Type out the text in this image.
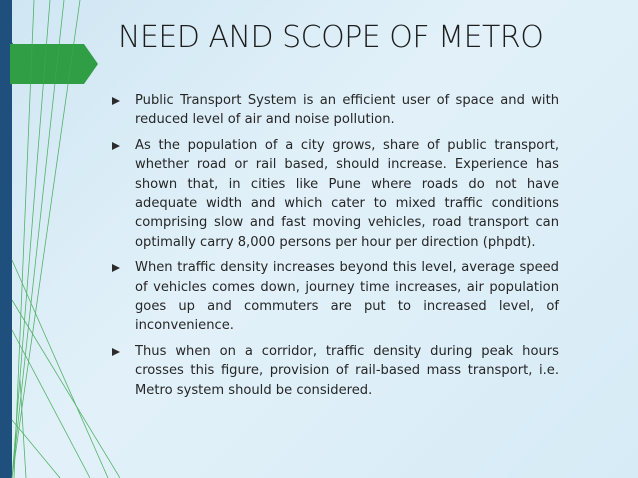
NEED AND SCOPE OF METRO
Public Transport System is an efficient user of space and with reduced level of air and noise pollution.
As the population of a city grows, share of public transport, whether road or rail based, should increase. Experience has shown that, in cities like Pune where roads do not have adequate width and which cater to mixed traffic conditions comprising slow and fast moving vehicles, road transport can optimally carry 8,000 persons per hour per direction (phpdt).
When traffic density increases beyond this level, average speed of vehicles comes down, journey time increases, air population goes up and commuters are put to increased level, of inconvenience.
Thus when on a corridor, traffic density during peak hours crosses this figure, provision of rail-based mass transport, i.e. Metro system should be considered.
